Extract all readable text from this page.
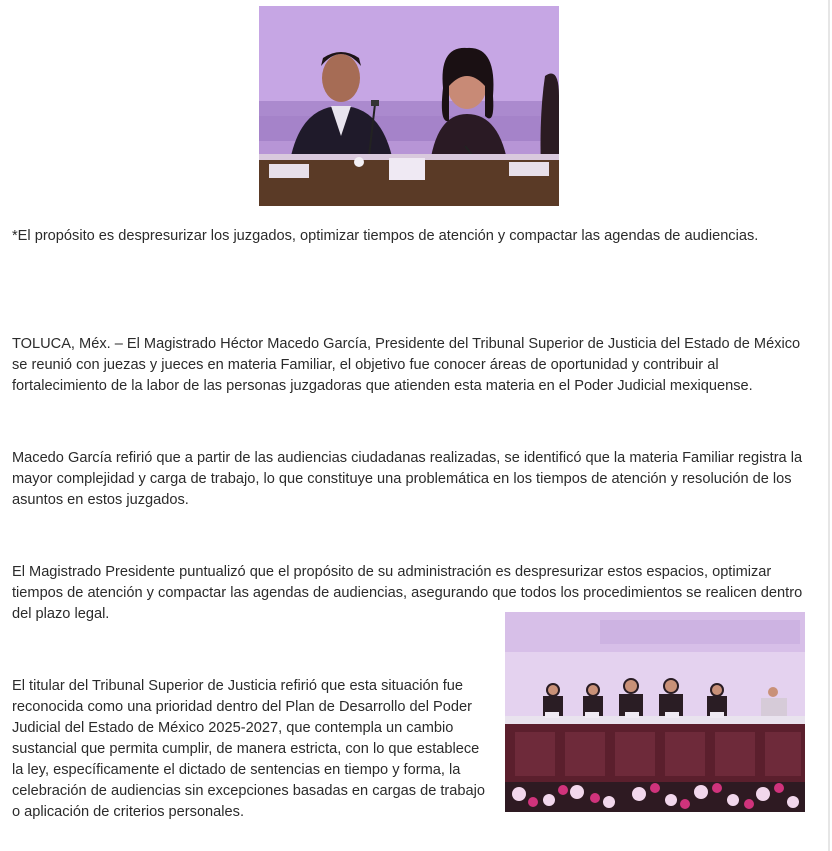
*El propósito es despresurizar los juzgados, optimizar tiempos de atención y compactar las agendas de audiencias.

TOLUCA, Méx. – El Magistrado Héctor Macedo García, Presidente del Tribunal Superior de Justicia del Estado de México se reunió con juezas y jueces en materia Familiar, el objetivo fue conocer áreas de oportunidad y contribuir al fortalecimiento de la labor de las personas juzgadoras que atienden esta materia en el Poder Judicial mexiquense.

Macedo García refirió que a partir de las audiencias ciudadanas realizadas, se identificó que la materia Familiar registra la mayor complejidad y carga de trabajo, lo que constituye una problemática en los tiempos de atención y resolución de los asuntos en estos juzgados.

El Magistrado Presidente puntualizó que el propósito de su administración es despresurizar estos espacios, optimizar tiempos de atención y compactar las agendas de audiencias, asegurando que todos los procedimientos se realicen dentro del plazo legal.

El titular del Tribunal Superior de Justicia refirió que esta situación fue reconocida como una prioridad dentro del Plan de Desarrollo del Poder Judicial del Estado de México 2025-2027, que contempla un cambio sustancial que permita cumplir, de manera estricta, con lo que establece la ley, específicamente el dictado de sentencias en tiempo y forma, la celebración de audiencias sin excepciones basadas en cargas de trabajo o aplicación de criterios personales.
